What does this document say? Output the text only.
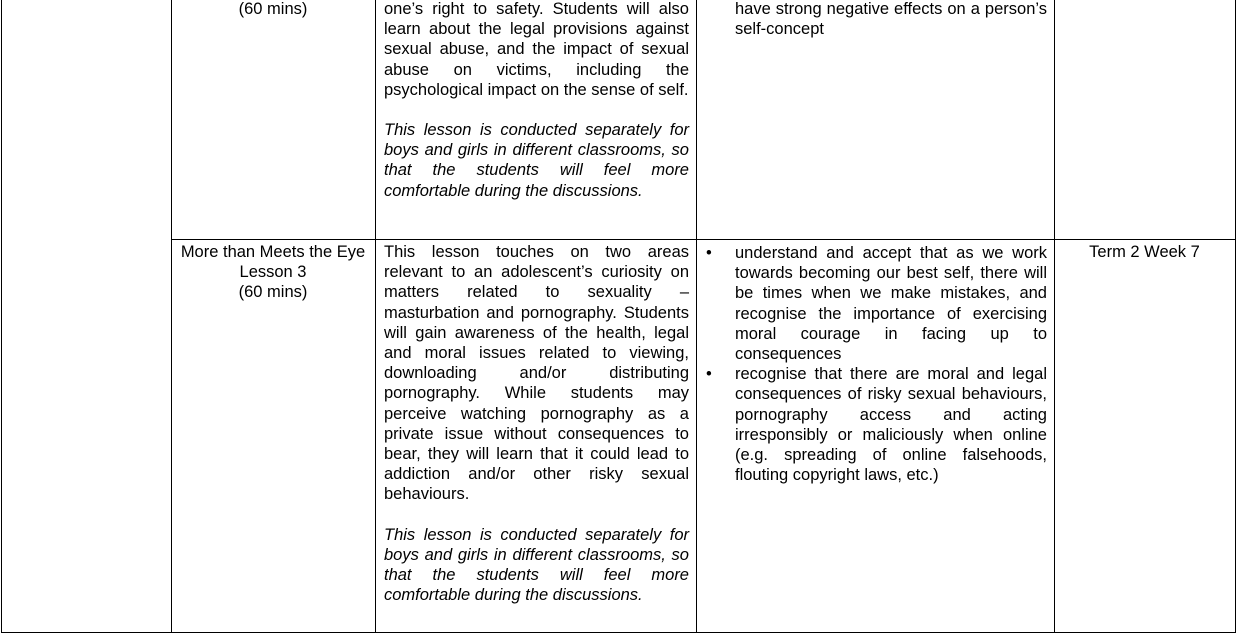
(60 mins)	one’s right to safety. Students will also learn about the legal provisions against sexual abuse, and the impact of sexual abuse on victims, including the psychological impact on the sense of self.

This lesson is conducted separately for boys and girls in different classrooms, so that the students will feel more comfortable during the discussions.

have strong negative effects on a person’s self-concept

More than Meets the Eye

Lesson 3

(60 mins)

This lesson touches on two areas relevant to an adolescent’s curiosity on matters related to sexuality – masturbation and pornography. Students will gain awareness of the health, legal and moral issues related to viewing, downloading and/or distributing pornography. While students may perceive watching pornography as a private issue without consequences to bear, they will learn that it could lead to addiction and/or other risky sexual behaviours.

This lesson is conducted separately for boys and girls in different classrooms, so that the students will feel more comfortable during the discussions.

• understand and accept that as we work towards becoming our best self, there will be times when we make mistakes, and recognise the importance of exercising moral courage in facing up to consequences
• recognise that there are moral and legal consequences of risky sexual behaviours, pornography access and acting irresponsibly or maliciously when online (e.g. spreading of online falsehoods, flouting copyright laws, etc.)

Term 2 Week 7
